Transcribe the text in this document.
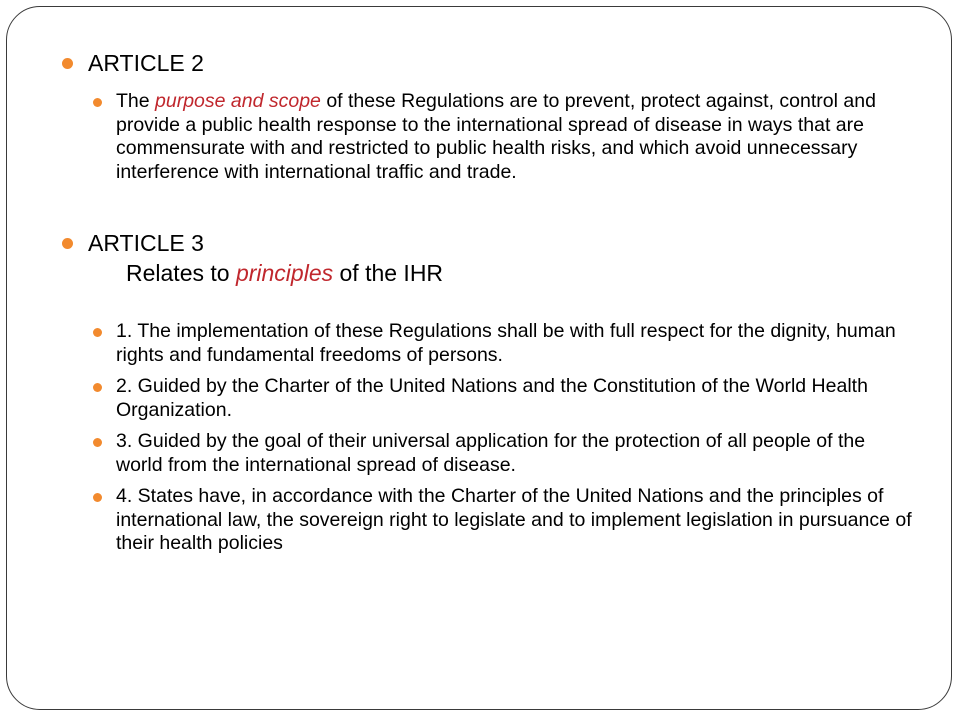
ARTICLE 2

The purpose and scope of these Regulations are to prevent, protect against, control and provide a public health response to the international spread of disease in ways that are commensurate with and restricted to public health risks, and which avoid unnecessary interference with international traffic and trade.

ARTICLE 3

Relates to principles of the IHR

1. The implementation of these Regulations shall be with full respect for the dignity, human rights and fundamental freedoms of persons.

2. Guided by the Charter of the United Nations and the Constitution of the World Health Organization.

3. Guided by the goal of their universal application for the protection of all people of the world from the international spread of disease.

4. States have, in accordance with the Charter of the United Nations and the principles of international law, the sovereign right to legislate and to implement legislation in pursuance of their health policies
